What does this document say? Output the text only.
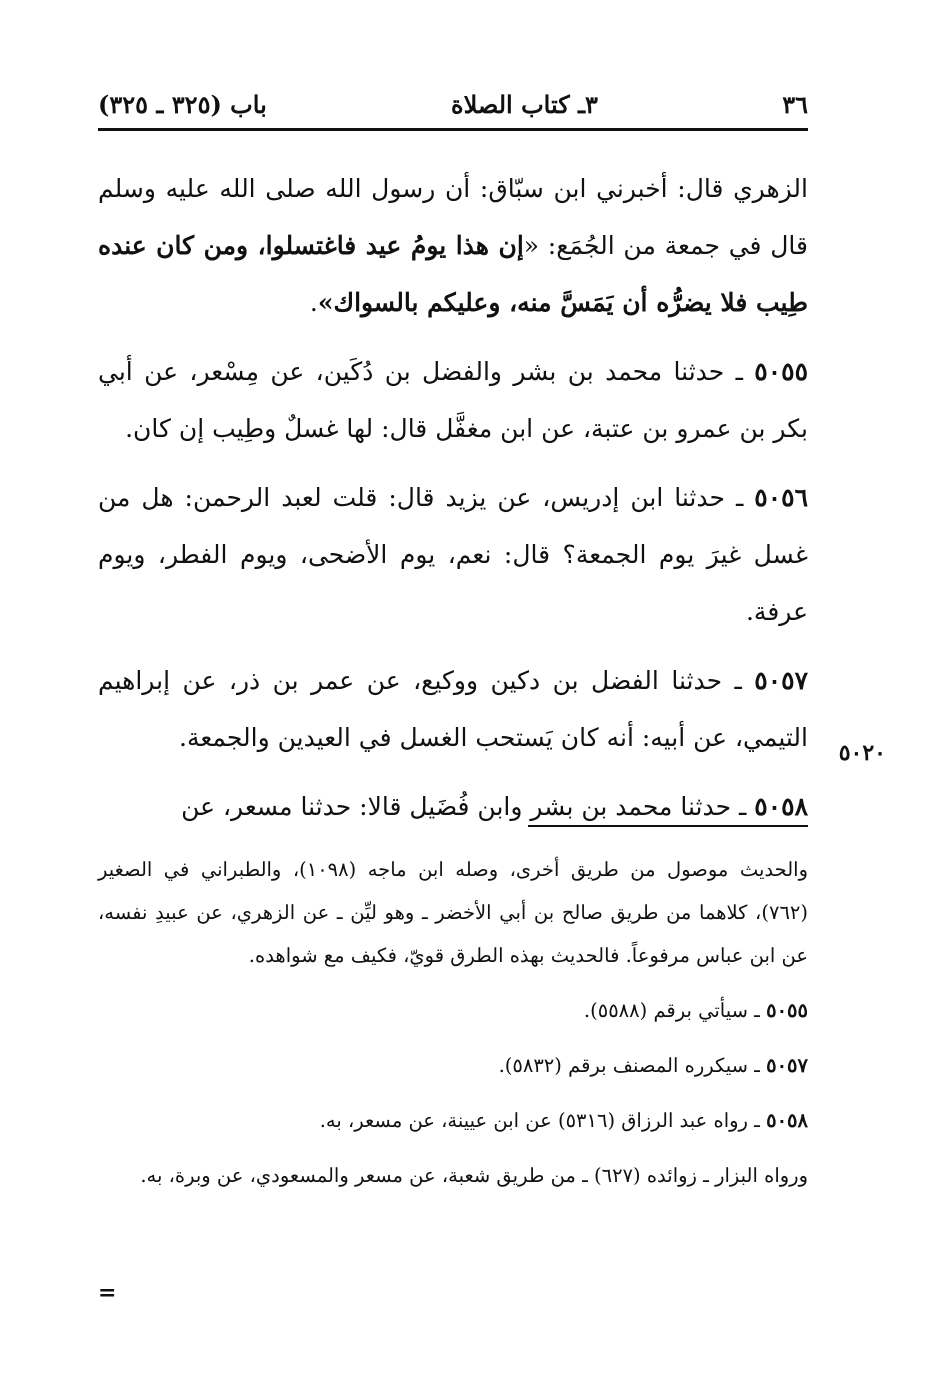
٣٦
٣ـ كتاب الصلاة
باب (٣٢٥ ـ ٣٢٥)

الزهري قال: أخبرني ابن سبّاق: أن رسول الله صلى الله عليه وسلم قال في جمعة من الجُمَع: «إن هذا يومُ عيد فاغتسلوا، ومن كان عنده طِيب فلا يضرُّه أن يَمَسَّ منه، وعليكم بالسواك».

٥٠٥٥ ـ حدثنا محمد بن بشر والفضل بن دُكَين، عن مِسْعر، عن أبي بكر بن عمرو بن عتبة، عن ابن مغفَّل قال: لها غسلٌ وطِيب إن كان.

٥٠٥٦ ـ حدثنا ابن إدريس، عن يزيد قال: قلت لعبد الرحمن: هل من غسل غيرَ يوم الجمعة؟ قال: نعم، يوم الأضحى، ويوم الفطر، ويوم عرفة.

٥٠٥٧ ـ حدثنا الفضل بن دكين ووكيع، عن عمر بن ذر، عن إبراهيم التيمي، عن أبيه: أنه كان يَستحب الغسل في العيدين والجمعة.

٥٠٥٨ ـ حدثنا محمد بن بشر وابن فُضَيل قالا: حدثنا مسعر، عن

٥٠٢٠

والحديث موصول من طريق أخرى، وصله ابن ماجه (١٠٩٨)، والطبراني في الصغير (٧٦٢)، كلاهما من طريق صالح بن أبي الأخضر ـ وهو ليِّن ـ عن الزهري، عن عبيدِ نفسه، عن ابن عباس مرفوعاً. فالحديث بهذه الطرق قويّ، فكيف مع شواهده.

٥٠٥٥ ـ سيأتي برقم (٥٥٨٨).

٥٠٥٧ ـ سيكرره المصنف برقم (٥٨٣٢).

٥٠٥٨ ـ رواه عبد الرزاق (٥٣١٦) عن ابن عيينة، عن مسعر، به.

ورواه البزار ـ زوائده (٦٢٧) ـ من طريق شعبة، عن مسعر والمسعودي، عن وبرة، به.

=
